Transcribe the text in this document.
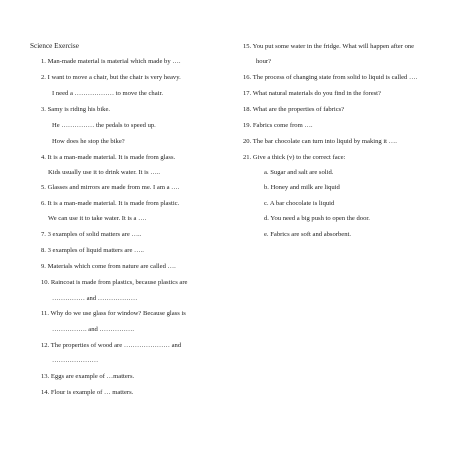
Science Exercise
1. Man-made material is material which made by ….
2. I want to move a chair, but the chair is very heavy.
I need a ……………… to move the chair.
3. Samy is riding his bike.
He …………… the pedals to speed up.
How does he stop the bike?
4. It is a man-made material. It is made from glass.
Kids usually use it to drink water. It is …..
5. Glasses and mirrors are made from me. I am a ….
6. It is a man-made material. It is made from plastic.
We can use it to take water. It is a ….
7. 3 examples of solid matters are …..
8. 3 examples of liquid matters are …..
9. Materials which come from nature are called ….
10. Raincoat is made from plastics, because plastics are
…………… and ………………
11. Why do we use glass for window? Because glass is
……………. and …………….
12. The properties of wood are ………………… and
…………………
13. Eggs are example of …matters.
14. Flour is example of … matters.
15. You put some water in the fridge. What will happen after one
hour?
16. The process of changing state from solid to liquid is called ….
17. What natural materials do you find in the forest?
18. What are the properties of fabrics?
19. Fabrics come from ….
20. The bar chocolate can turn into liquid by making it ….
21. Give a thick (v) to the correct face:
a. Sugar and salt are solid.
b. Honey and milk are liquid
c. A bar chocolate is liquid
d. You need a big push to open the door.
e. Fabrics are soft and absorbent.
